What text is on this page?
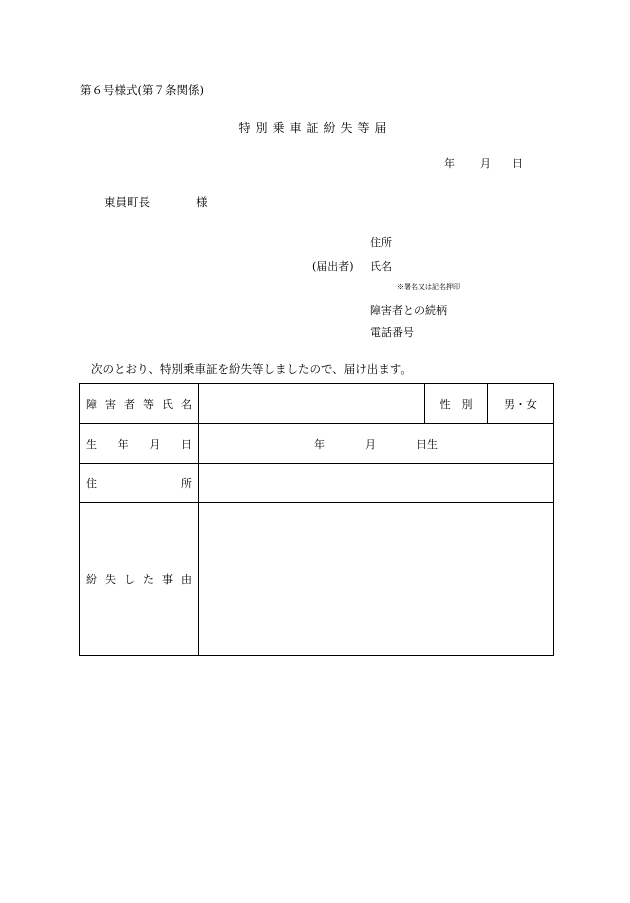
第６号様式(第７条関係)
特別乗車証紛失等届
年 月 日
東員町長	様
住所
(届出者) 氏名
※署名又は記名押印
障害者との続柄
電話番号
次のとおり、特別乗車証を紛失等しましたので、届け出ます。
障害者等氏名		性　別	男・女
生年月日	年 月 日生		

住所			
紛失した事由			
